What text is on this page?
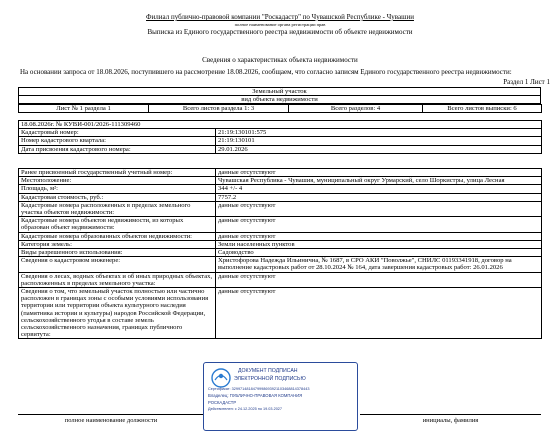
Филиал публично-правовой компании "Роскадастр" по Чувашской Республике - Чувашии
полное наименование органа регистрации прав
Выписка из Единого государственного реестра недвижимости об объекте недвижимости
Сведения о характеристиках объекта недвижимости
На основании запроса от 18.08.2026, поступившего на рассмотрение 18.08.2026, сообщаем, что согласно записям Единого государственного реестра недвижимости:
Раздел 1 Лист 1
Земельный участок
вид объекта недвижимости
Лист № 1 раздела 1	Всего листов раздела 1: 3	Всего разделов: 4	Всего листов выписки: 6
18.08.2026г. № КУВИ-001/2026-111309460	
Кадастровый номер:	21:19:130101:575
Номер кадастрового квартала:	21:19:130101
Дата присвоения кадастрового номера:	29.01.2026
Ранее присвоенный государственный учетный номер:	данные отсутствуют
Местоположение:	Чувашская Республика - Чувашия, муниципальный округ Урмарский, село Шоркистры, улица Лесная
Площадь, м²:	344 +/- 4
Кадастровая стоимость, руб.:	7757.2
Кадастровые номера расположенных в пределах земельного участка объектов недвижимости:	данные отсутствуют
Кадастровые номера объектов недвижимости, из которых образован объект недвижимости:	данные отсутствуют
Кадастровые номера образованных объектов недвижимости:	данные отсутствуют
Категория земель:	Земли населенных пунктов
Виды разрешенного использования:	Садоводство
Сведения о кадастровом инженере:	Христофорова Надежда Ильинична, № 1687, в СРО АКИ "Поволжье", СНИЛС 01193341918, договор на выполнение кадастровых работ от 28.10.2024 № 164, дата завершения кадастровых работ: 26.01.2026
Сведения о лесах, водных объектах и об иных природных объектах, расположенных в пределах земельного участка:	данные отсутствуют
Сведения о том, что земельный участок полностью или частично расположен в границах зоны с особыми условиями использования территории или территории объекта культурного наследия (памятника истории и культуры) народов Российской Федерации, сельскохозяйственного угодья в составе земель сельскохозяйственного назначения, границах публичного сервитута:	данные отсутствуют
полное наименование должности	инициалы, фамилия
ДОКУМЕНТ ПОДПИСАН
ЭЛЕКТРОННОЙ ПОДПИСЬЮ
Сертификат: 3299714818479998693921103468814378443
Владелец: ПУБЛИЧНО-ПРАВОВАЯ КОМПАНИЯ
РОСКАДАСТР
Действителен: с 24.12.2025 по 19.03.2027
